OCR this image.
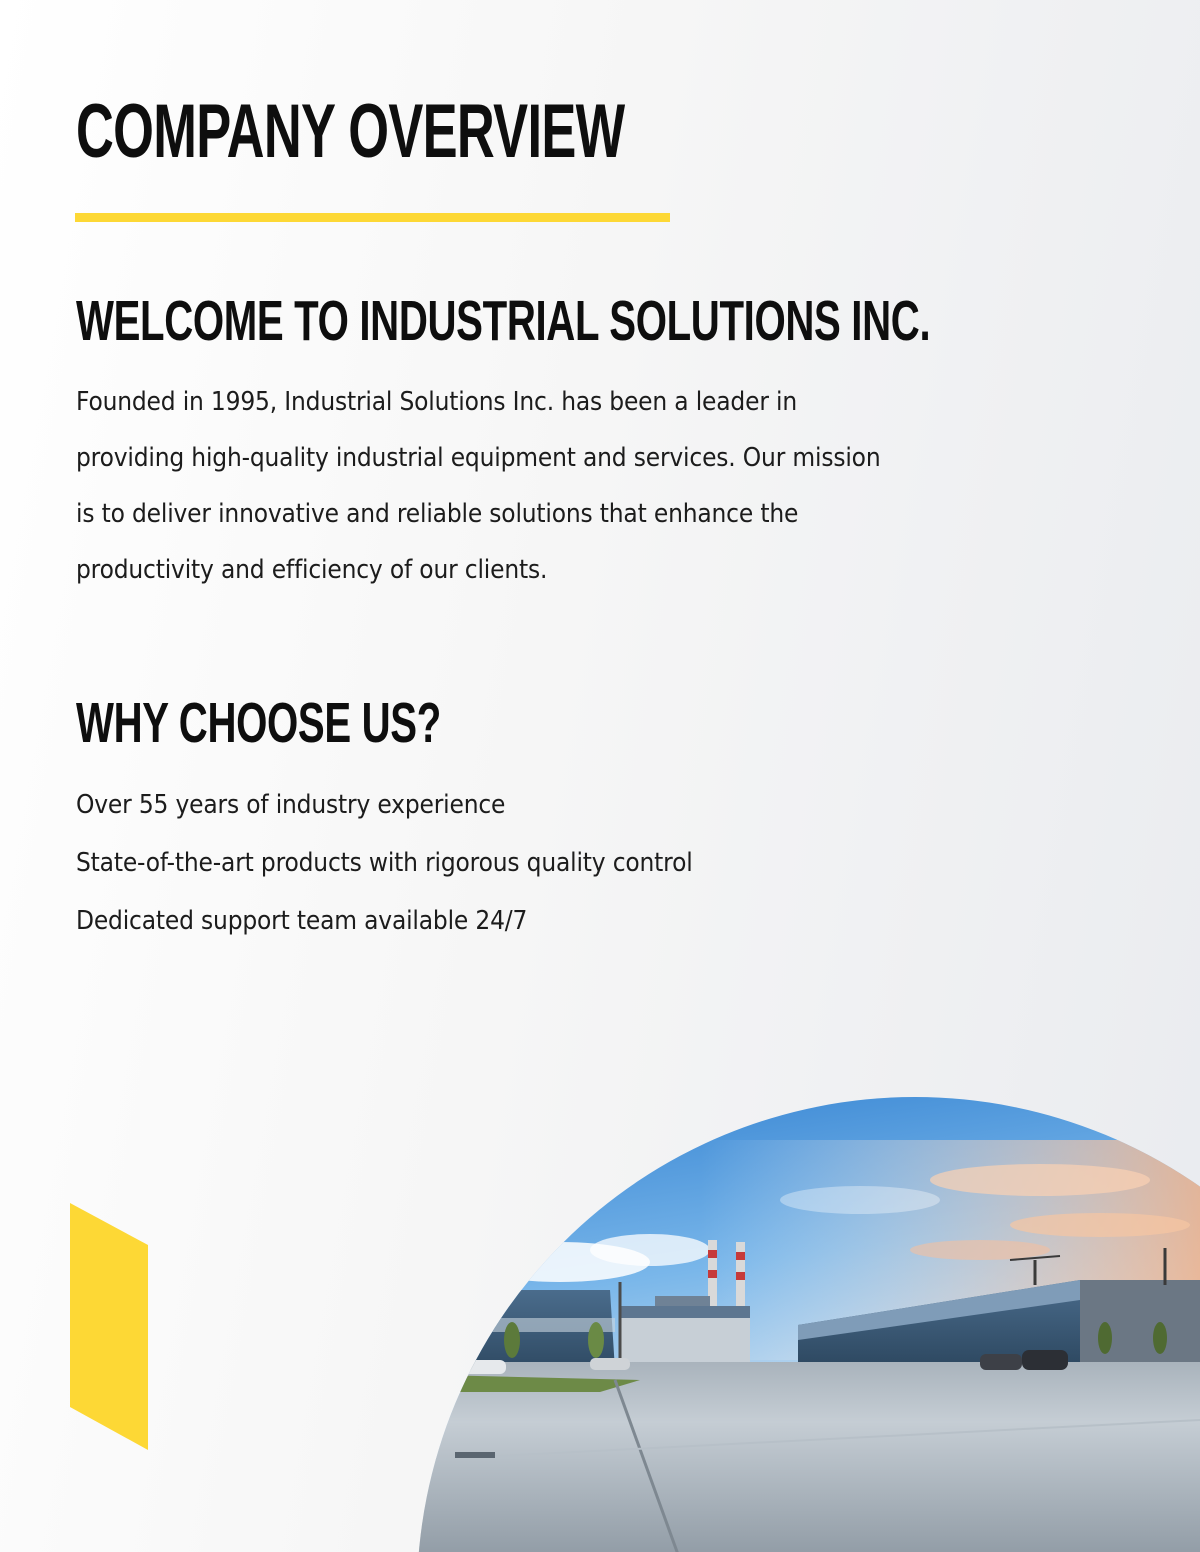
COMPANY OVERVIEW
WELCOME TO INDUSTRIAL SOLUTIONS INC.

Founded in 1995, Industrial Solutions Inc. has been a leader in
providing high-quality industrial equipment and services. Our mission
is to deliver innovative and reliable solutions that enhance the
productivity and efficiency of our clients.

WHY CHOOSE US?
Over 55 years of industry experience
State-of-the-art products with rigorous quality control
Dedicated support team available 24/7
